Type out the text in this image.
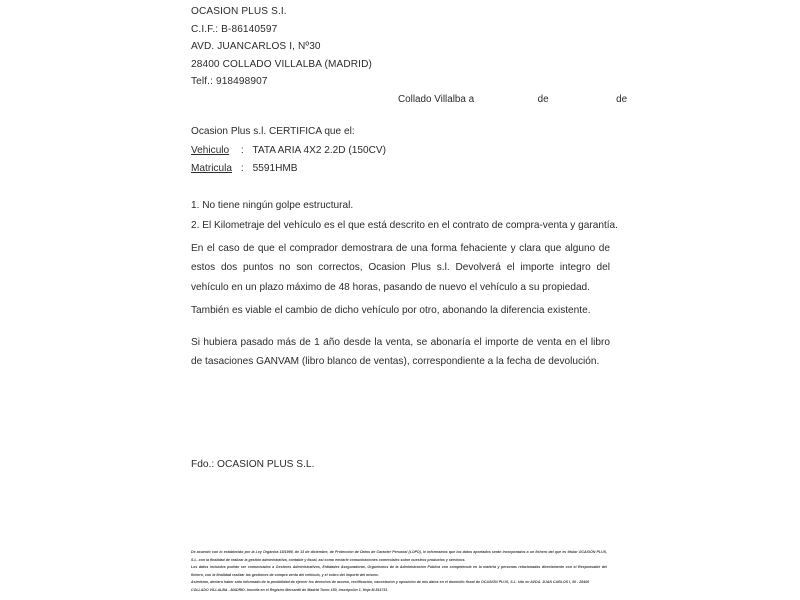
OCASION PLUS S.I.
C.I.F.: B-86140597
AVD. JUANCARLOS I, Nº30
28400 COLLADO VILLALBA (MADRID)
Telf.: 918498907
Collado Villalba a	de	de
Ocasion Plus s.l. CERTIFICA que el:
Vehiculo : TATA ARIA 4X2 2.2D (150CV)
Matricula : 5591HMB
1. No tiene ningún golpe estructural.
2. El Kilometraje del vehículo es el que está descrito en el contrato de compra-venta y garantía.
En el caso de que el comprador demostrara de una forma fehaciente y clara que alguno de estos dos puntos no son correctos, Ocasion Plus s.l. Devolverá el importe integro del vehículo en un plazo máximo de 48 horas, pasando de nuevo el vehículo a su propiedad.
También es viable el cambio de dicho vehículo por otro, abonando la diferencia existente.
Si hubiera pasado más de 1 año desde la venta, se abonaría el importe de venta en el libro de tasaciones GANVAM (libro blanco de ventas), correspondiente a la fecha de devolución.
Fdo.: OCASION PLUS S.L.

De acuerdo con lo establecido por la Ley Orgánica 15/1999, de 13 de diciembre, de Protección de Datos de Carácter Personal (LOPD), le informamos que los datos aportados serán incorporados a un fichero del que es titular OCASIÓN PLUS, S.L. con la finalidad de realizar la gestión administrativa, contable y fiscal, así como enviarle comunicaciones comerciales sobre nuestros productos y servicios.

Los datos incluidos podrán ser comunicados a Gestores Administrativos, Entidades Aseguradoras, Organismos de la Administración Pública con competencia en la materia y personas relacionadas directamente con el Responsable del fichero, con la finalidad realizar las gestiones de compra venta del vehículo, y el cobro del importe del mismo.

Asimismo, declaro haber sido informado de la posibilidad de ejercer los derechos de acceso, rectificación, cancelación y oposición de mis datos en el domicilio fiscal de OCASIÓN PLUS, S.L. sito en AVDA. JUAN CARLOS I, 30 - 28400 COLLADO VILLALBA - MADRID. Inscrita en el Registro Mercantil de Madrid Tomo 150, inscripción 1, Hoja M-511731
